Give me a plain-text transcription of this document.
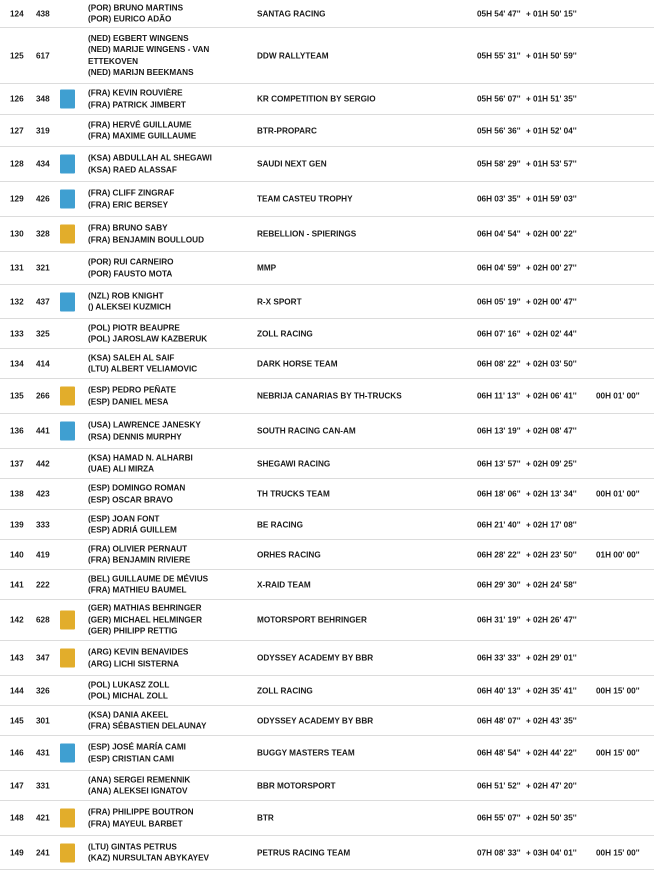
124 438
(POR) BRUNO MARTINS
(POR) EURICO ADÃO
SANTAG RACING	05H 54' 47'' + 01H 50' 15''
125 617
(NED) EGBERT WINGENS
(NED) MARIJE WINGENS - VAN ETTEKOVEN
(NED) MARIJN BEEKMANS
DDW RALLYTEAM	05H 55' 31'' + 01H 50' 59''
126 348
(FRA) KEVIN ROUVIÈRE
(FRA) PATRICK JIMBERT
KR COMPETITION BY SERGIO	05H 56' 07'' + 01H 51' 35''
127 319
(FRA) HERVÉ GUILLAUME
(FRA) MAXIME GUILLAUME
BTR-PROPARC	05H 56' 36'' + 01H 52' 04''
128 434
(KSA) ABDULLAH AL SHEGAWI
(KSA) RAED ALASSAF
SAUDI NEXT GEN	05H 58' 29'' + 01H 53' 57''
129 426
(FRA) CLIFF ZINGRAF
(FRA) ERIC BERSEY
TEAM CASTEU TROPHY	06H 03' 35'' + 01H 59' 03''
130 328
(FRA) BRUNO SABY
(FRA) BENJAMIN BOULLOUD
REBELLION - SPIERINGS	06H 04' 54'' + 02H 00' 22''
131 321
(POR) RUI CARNEIRO
(POR) FAUSTO MOTA
MMP	06H 04' 59'' + 02H 00' 27''
132 437
(NZL) ROB KNIGHT
() ALEKSEI KUZMICH
R-X SPORT	06H 05' 19'' + 02H 00' 47''
133 325
(POL) PIOTR BEAUPRE
(POL) JAROSLAW KAZBERUK
ZOLL RACING	06H 07' 16'' + 02H 02' 44''
134 414
(KSA) SALEH AL SAIF
(LTU) ALBERT VELIAMOVIC
DARK HORSE TEAM	06H 08' 22'' + 02H 03' 50''
135 266
(ESP) PEDRO PEÑATE
(ESP) DANIEL MESA
NEBRIJA CANARIAS BY TH-TRUCKS	06H 11' 13'' + 02H 06' 41'' 00H 01' 00''
136 441
(USA) LAWRENCE JANESKY
(RSA) DENNIS MURPHY
SOUTH RACING CAN-AM	06H 13' 19'' + 02H 08' 47''
137 442
(KSA) HAMAD N. ALHARBI
(UAE) ALI MIRZA
SHEGAWI RACING	06H 13' 57'' + 02H 09' 25''
138 423
(ESP) DOMINGO ROMAN
(ESP) OSCAR BRAVO
TH TRUCKS TEAM	06H 18' 06'' + 02H 13' 34'' 00H 01' 00''
139 333
(ESP) JOAN FONT
(ESP) ADRIÁ GUILLEM
BE RACING	06H 21' 40'' + 02H 17' 08''
140 419
(FRA) OLIVIER PERNAUT
(FRA) BENJAMIN RIVIERE
ORHES RACING	06H 28' 22'' + 02H 23' 50'' 01H 00' 00''
141 222
(BEL) GUILLAUME DE MÉVIUS
(FRA) MATHIEU BAUMEL
X-RAID TEAM	06H 29' 30'' + 02H 24' 58''
142 628
(GER) MATHIAS BEHRINGER
(GER) MICHAEL HELMINGER
(GER) PHILIPP RETTIG
MOTORSPORT BEHRINGER	06H 31' 19'' + 02H 26' 47''
143 347
(ARG) KEVIN BENAVIDES
(ARG) LICHI SISTERNA
ODYSSEY ACADEMY BY BBR	06H 33' 33'' + 02H 29' 01''
144 326
(POL) LUKASZ ZOLL
(POL) MICHAL ZOLL
ZOLL RACING	06H 40' 13'' + 02H 35' 41'' 00H 15' 00''
145 301
(KSA) DANIA AKEEL
(FRA) SÉBASTIEN DELAUNAY
ODYSSEY ACADEMY BY BBR	06H 48' 07'' + 02H 43' 35''
146 431
(ESP) JOSÉ MARÍA CAMI
(ESP) CRISTIAN CAMI
BUGGY MASTERS TEAM	06H 48' 54'' + 02H 44' 22'' 00H 15' 00''
147 331
(ANA) SERGEI REMENNIK
(ANA) ALEKSEI IGNATOV
BBR MOTORSPORT	06H 51' 52'' + 02H 47' 20''
148 421
(FRA) PHILIPPE BOUTRON
(FRA) MAYEUL BARBET
BTR	06H 55' 07'' + 02H 50' 35''
149 241
(LTU) GINTAS PETRUS
(KAZ) NURSULTAN ABYKAYEV
PETRUS RACING TEAM	07H 08' 33'' + 03H 04' 01'' 00H 15' 00''
